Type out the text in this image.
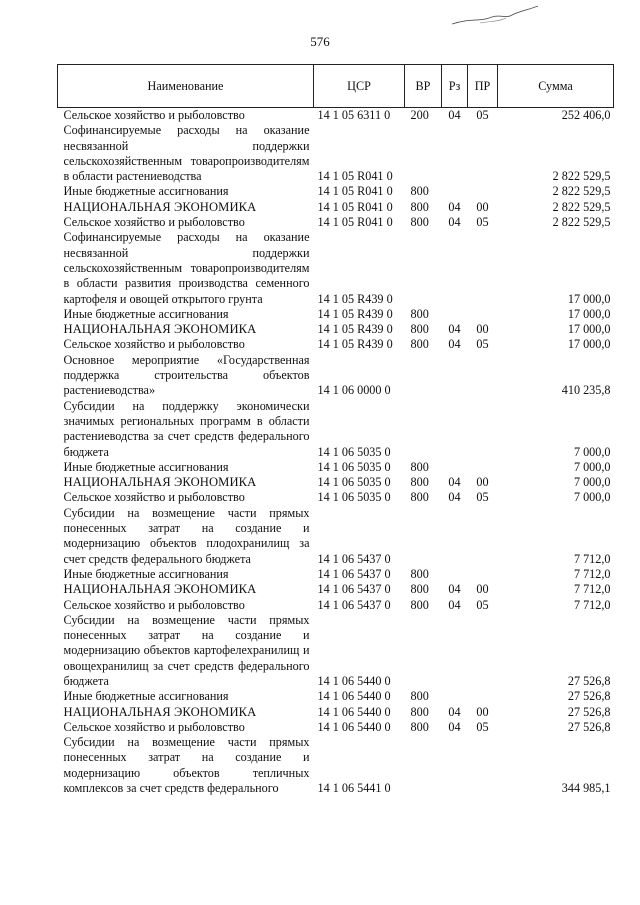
576
Наименование	ЦСР	ВР	Рз	ПР	Сумма
Сельское хозяйство и рыболовство	14 1 05 6311 0	200	04	05	252 406,0
Софинансируемые расходы на оказание несвязанной поддержки сельскохозяйственным товаропроизводителям в области растениеводства	14 1 05 R041 0				2 822 529,5
Иные бюджетные ассигнования	14 1 05 R041 0	800			2 822 529,5
НАЦИОНАЛЬНАЯ ЭКОНОМИКА	14 1 05 R041 0	800	04	00	2 822 529,5
Сельское хозяйство и рыболовство	14 1 05 R041 0	800	04	05	2 822 529,5
Софинансируемые расходы на оказание несвязанной поддержки сельскохозяйственным товаропроизводителям в области развития производства семенного картофеля и овощей открытого грунта	14 1 05 R439 0				17 000,0
Иные бюджетные ассигнования	14 1 05 R439 0	800			17 000,0
НАЦИОНАЛЬНАЯ ЭКОНОМИКА	14 1 05 R439 0	800	04	00	17 000,0
Сельское хозяйство и рыболовство	14 1 05 R439 0	800	04	05	17 000,0
Основное мероприятие «Государственная поддержка строительства объектов растениеводства»	14 1 06 0000 0				410 235,8
Субсидии на поддержку экономически значимых региональных программ в области растениеводства за счет средств федерального бюджета	14 1 06 5035 0				7 000,0
Иные бюджетные ассигнования	14 1 06 5035 0	800			7 000,0
НАЦИОНАЛЬНАЯ ЭКОНОМИКА	14 1 06 5035 0	800	04	00	7 000,0
Сельское хозяйство и рыболовство	14 1 06 5035 0	800	04	05	7 000,0
Субсидии на возмещение части прямых понесенных затрат на создание и модернизацию объектов плодохранилищ за счет средств федерального бюджета	14 1 06 5437 0				7 712,0
Иные бюджетные ассигнования	14 1 06 5437 0	800			7 712,0
НАЦИОНАЛЬНАЯ ЭКОНОМИКА	14 1 06 5437 0	800	04	00	7 712,0
Сельское хозяйство и рыболовство	14 1 06 5437 0	800	04	05	7 712,0
Субсидии на возмещение части прямых понесенных затрат на создание и модернизацию объектов картофелехранилищ и овощехранилищ за счет средств федерального бюджета	14 1 06 5440 0				27 526,8
Иные бюджетные ассигнования	14 1 06 5440 0	800			27 526,8
НАЦИОНАЛЬНАЯ ЭКОНОМИКА	14 1 06 5440 0	800	04	00	27 526,8
Сельское хозяйство и рыболовство	14 1 06 5440 0	800	04	05	27 526,8
Субсидии на возмещение части прямых понесенных затрат на создание и модернизацию объектов тепличных комплексов за счет средств федерального	14 1 06 5441 0				344 985,1
